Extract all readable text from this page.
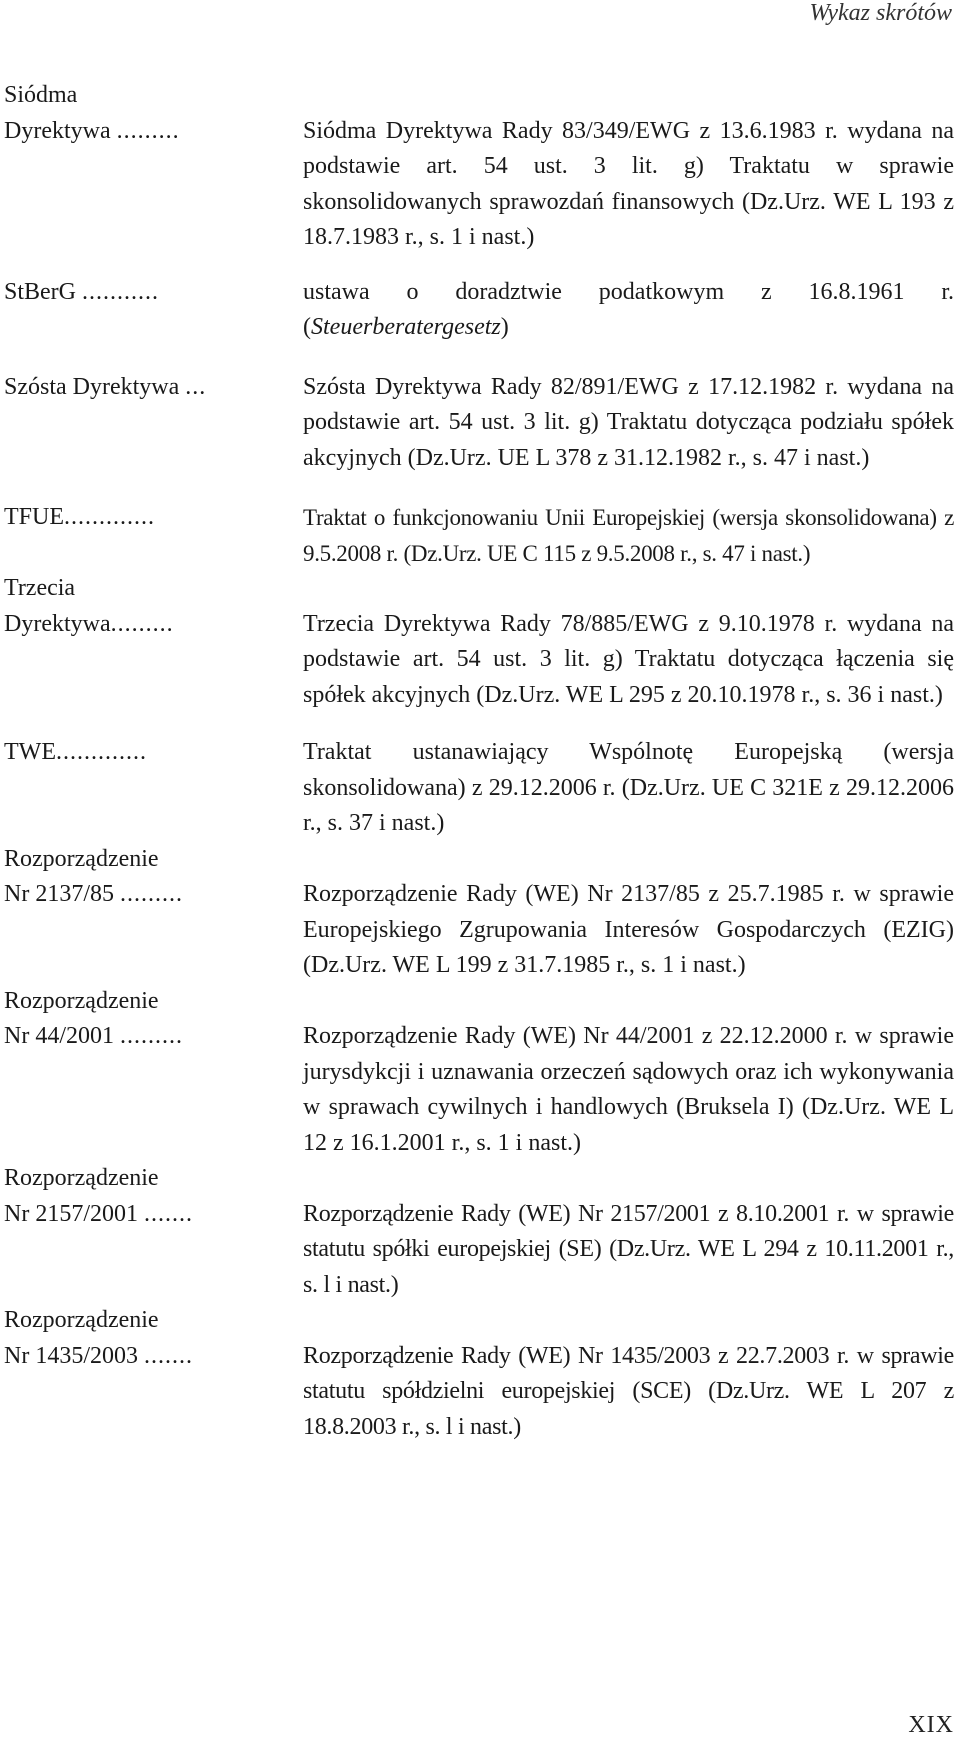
Wykaz skrótów
Siódma
Dyrektywa .........	Siódma Dyrektywa Rady 83/349/EWG z 13.6.1983 r. wydana na podstawie art. 54 ust. 3 lit. g) Traktatu w sprawie skonsolidowanych sprawozdań finansowych (Dz.Urz. WE L 193 z 18.7.1983 r., s. 1 i nast.)
StBerG ...........	ustawa o doradztwie podatkowym z 16.8.1961 r. (Steuerberatergesetz)
Szósta Dyrektywa ...	Szósta Dyrektywa Rady 82/891/EWG z 17.12.1982 r. wydana na podstawie art. 54 ust. 3 lit. g) Traktatu dotycząca podziału spółek akcyjnych (Dz.Urz. UE L 378 z 31.12.1982 r., s. 47 i nast.)
TFUE.............	Traktat o funkcjonowaniu Unii Europejskiej (wersja skonsolidowana) z 9.5.2008 r. (Dz.Urz. UE C 115 z 9.5.2008 r., s. 47 i nast.)
Trzecia
Dyrektywa.........	Trzecia Dyrektywa Rady 78/885/EWG z 9.10.1978 r. wydana na podstawie art. 54 ust. 3 lit. g) Traktatu dotycząca łączenia się spółek akcyjnych (Dz.Urz. WE L 295 z 20.10.1978 r., s. 36 i nast.)
TWE.............	Traktat ustanawiający Wspólnotę Europejską (wersja skonsolidowana) z 29.12.2006 r. (Dz.Urz. UE C 321E z 29.12.2006 r., s. 37 i nast.)
Rozporządzenie
Nr 2137/85 .........	Rozporządzenie Rady (WE) Nr 2137/85 z 25.7.1985 r. w sprawie Europejskiego Zgrupowania Interesów Gospodarczych (EZIG) (Dz.Urz. WE L 199 z 31.7.1985 r., s. 1 i nast.)
Rozporządzenie
Nr 44/2001 .........	Rozporządzenie Rady (WE) Nr 44/2001 z 22.12.2000 r. w sprawie jurysdykcji i uznawania orzeczeń sądowych oraz ich wykonywania w sprawach cywilnych i handlowych (Bruksela I) (Dz.Urz. WE L 12 z 16.1.2001 r., s. 1 i nast.)
Rozporządzenie
Nr 2157/2001 .......	Rozporządzenie Rady (WE) Nr 2157/2001 z 8.10.2001 r. w sprawie statutu spółki europejskiej (SE) (Dz.Urz. WE L 294 z 10.11.2001 r., s. l i nast.)
Rozporządzenie
Nr 1435/2003 .......	Rozporządzenie Rady (WE) Nr 1435/2003 z 22.7.2003 r. w sprawie statutu spółdzielni europejskiej (SCE) (Dz.Urz. WE L 207 z 18.8.2003 r., s. l i nast.)
XIX
